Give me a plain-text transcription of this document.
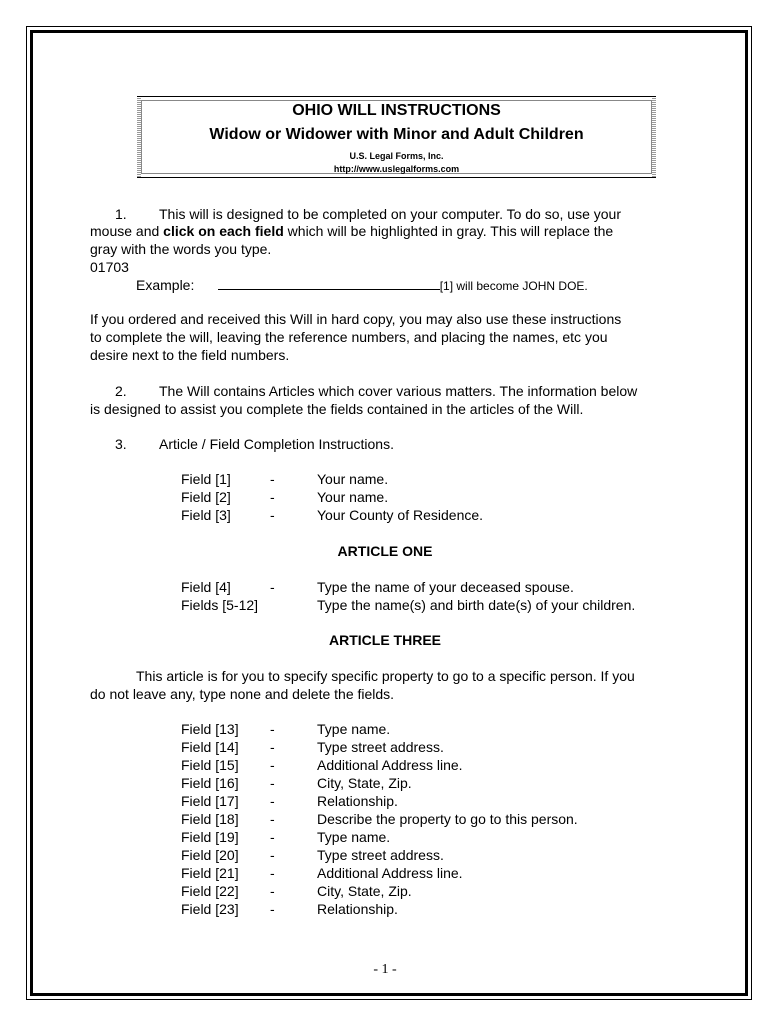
OHIO WILL INSTRUCTIONS
Widow or Widower with Minor and Adult Children
U.S. Legal Forms, Inc.
http://www.uslegalforms.com
1. This will is designed to be completed on your computer. To do so, use your
mouse and click on each field which will be highlighted in gray. This will replace the
gray with the words you type.
01703
Example:	[1] will become JOHN DOE.
If you ordered and received this Will in hard copy, you may also use these instructions
to complete the will, leaving the reference numbers, and placing the names, etc you
desire next to the field numbers.
2. The Will contains Articles which cover various matters. The information below
is designed to assist you complete the fields contained in the articles of the Will.
3. Article / Field Completion Instructions.
Field [1]	-	Your name.
Field [2]	-	Your name.
Field [3]	-	Your County of Residence.
ARTICLE ONE
Field [4]	-	Type the name of your deceased spouse.
Fields [5-12]	Type the name(s) and birth date(s) of your children.
ARTICLE THREE
This article is for you to specify specific property to go to a specific person. If you
do not leave any, type none and delete the fields.
Field [13] -	Type name.
Field [14] -	Type street address.
Field [15] -	Additional Address line.
Field [16] -	City, State, Zip.
Field [17] -	Relationship.
Field [18] -	Describe the property to go to this person.
Field [19] -	Type name.
Field [20] -	Type street address.
Field [21] -	Additional Address line.
Field [22] -	City, State, Zip.
Field [23] -	Relationship.
- 1 -
